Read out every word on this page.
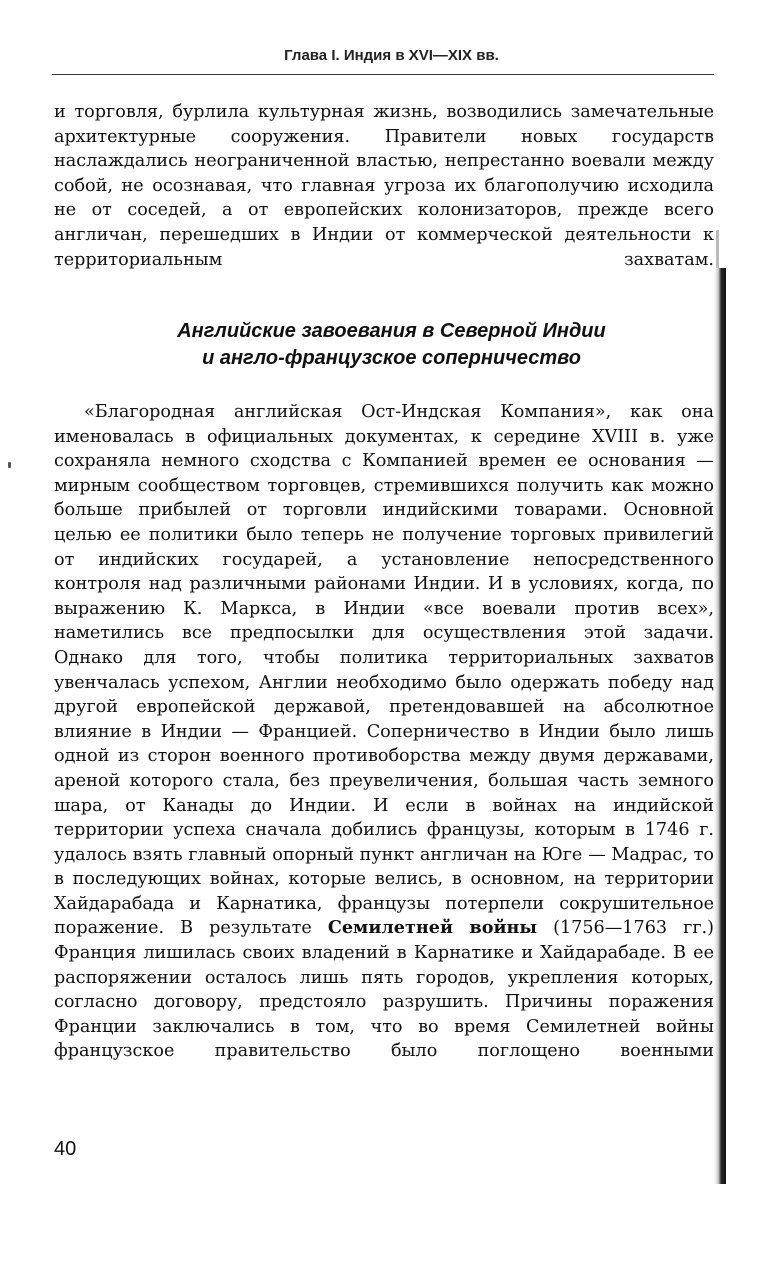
Глава I. Индия в XVI—XIX вв.

и торговля, бурлила культурная жизнь, возводились замечательные архитектурные сооружения. Правители новых государств наслаждались неограниченной властью, непрестанно воевали между собой, не осознавая, что главная угроза их благополучию исходила не от соседей, а от европейских колонизаторов, прежде всего англичан, перешедших в Индии от коммерческой деятельности к территориальным захватам.

Английские завоевания в Северной Индии
и англо-французское соперничество

«Благородная английская Ост-Индская Компания», как она именовалась в официальных документах, к середине XVIII в. уже сохраняла немного сходства с Компанией времен ее основания — мирным сообществом торговцев, стремившихся получить как можно больше прибылей от торговли индийскими товарами. Основной целью ее политики было теперь не получение торговых привилегий от индийских государей, а установление непосредственного контроля над различными районами Индии. И в условиях, когда, по выражению К. Маркса, в Индии «все воевали против всех», наметились все предпосылки для осуществления этой задачи. Однако для того, чтобы политика территориальных захватов увенчалась успехом, Англии необходимо было одержать победу над другой европейской державой, претендовавшей на абсолютное влияние в Индии — Францией. Соперничество в Индии было лишь одной из сторон военного противоборства между двумя державами, ареной которого стала, без преувеличения, большая часть земного шара, от Канады до Индии. И если в войнах на индийской территории успеха сначала добились французы, которым в 1746 г. удалось взять главный опорный пункт англичан на Юге — Мадрас, то в последующих войнах, которые велись, в основном, на территории Хайдарабада и Карнатика, французы потерпели сокрушительное поражение. В результате Семилетней войны (1756—1763 гг.) Франция лишилась своих владений в Карнатике и Хайдарабаде. В ее распоряжении осталось лишь пять городов, укрепления которых, согласно договору, предстояло разрушить. Причины поражения Франции заключались в том, что во время Семилетней войны французское правительство было поглощено военными

40
